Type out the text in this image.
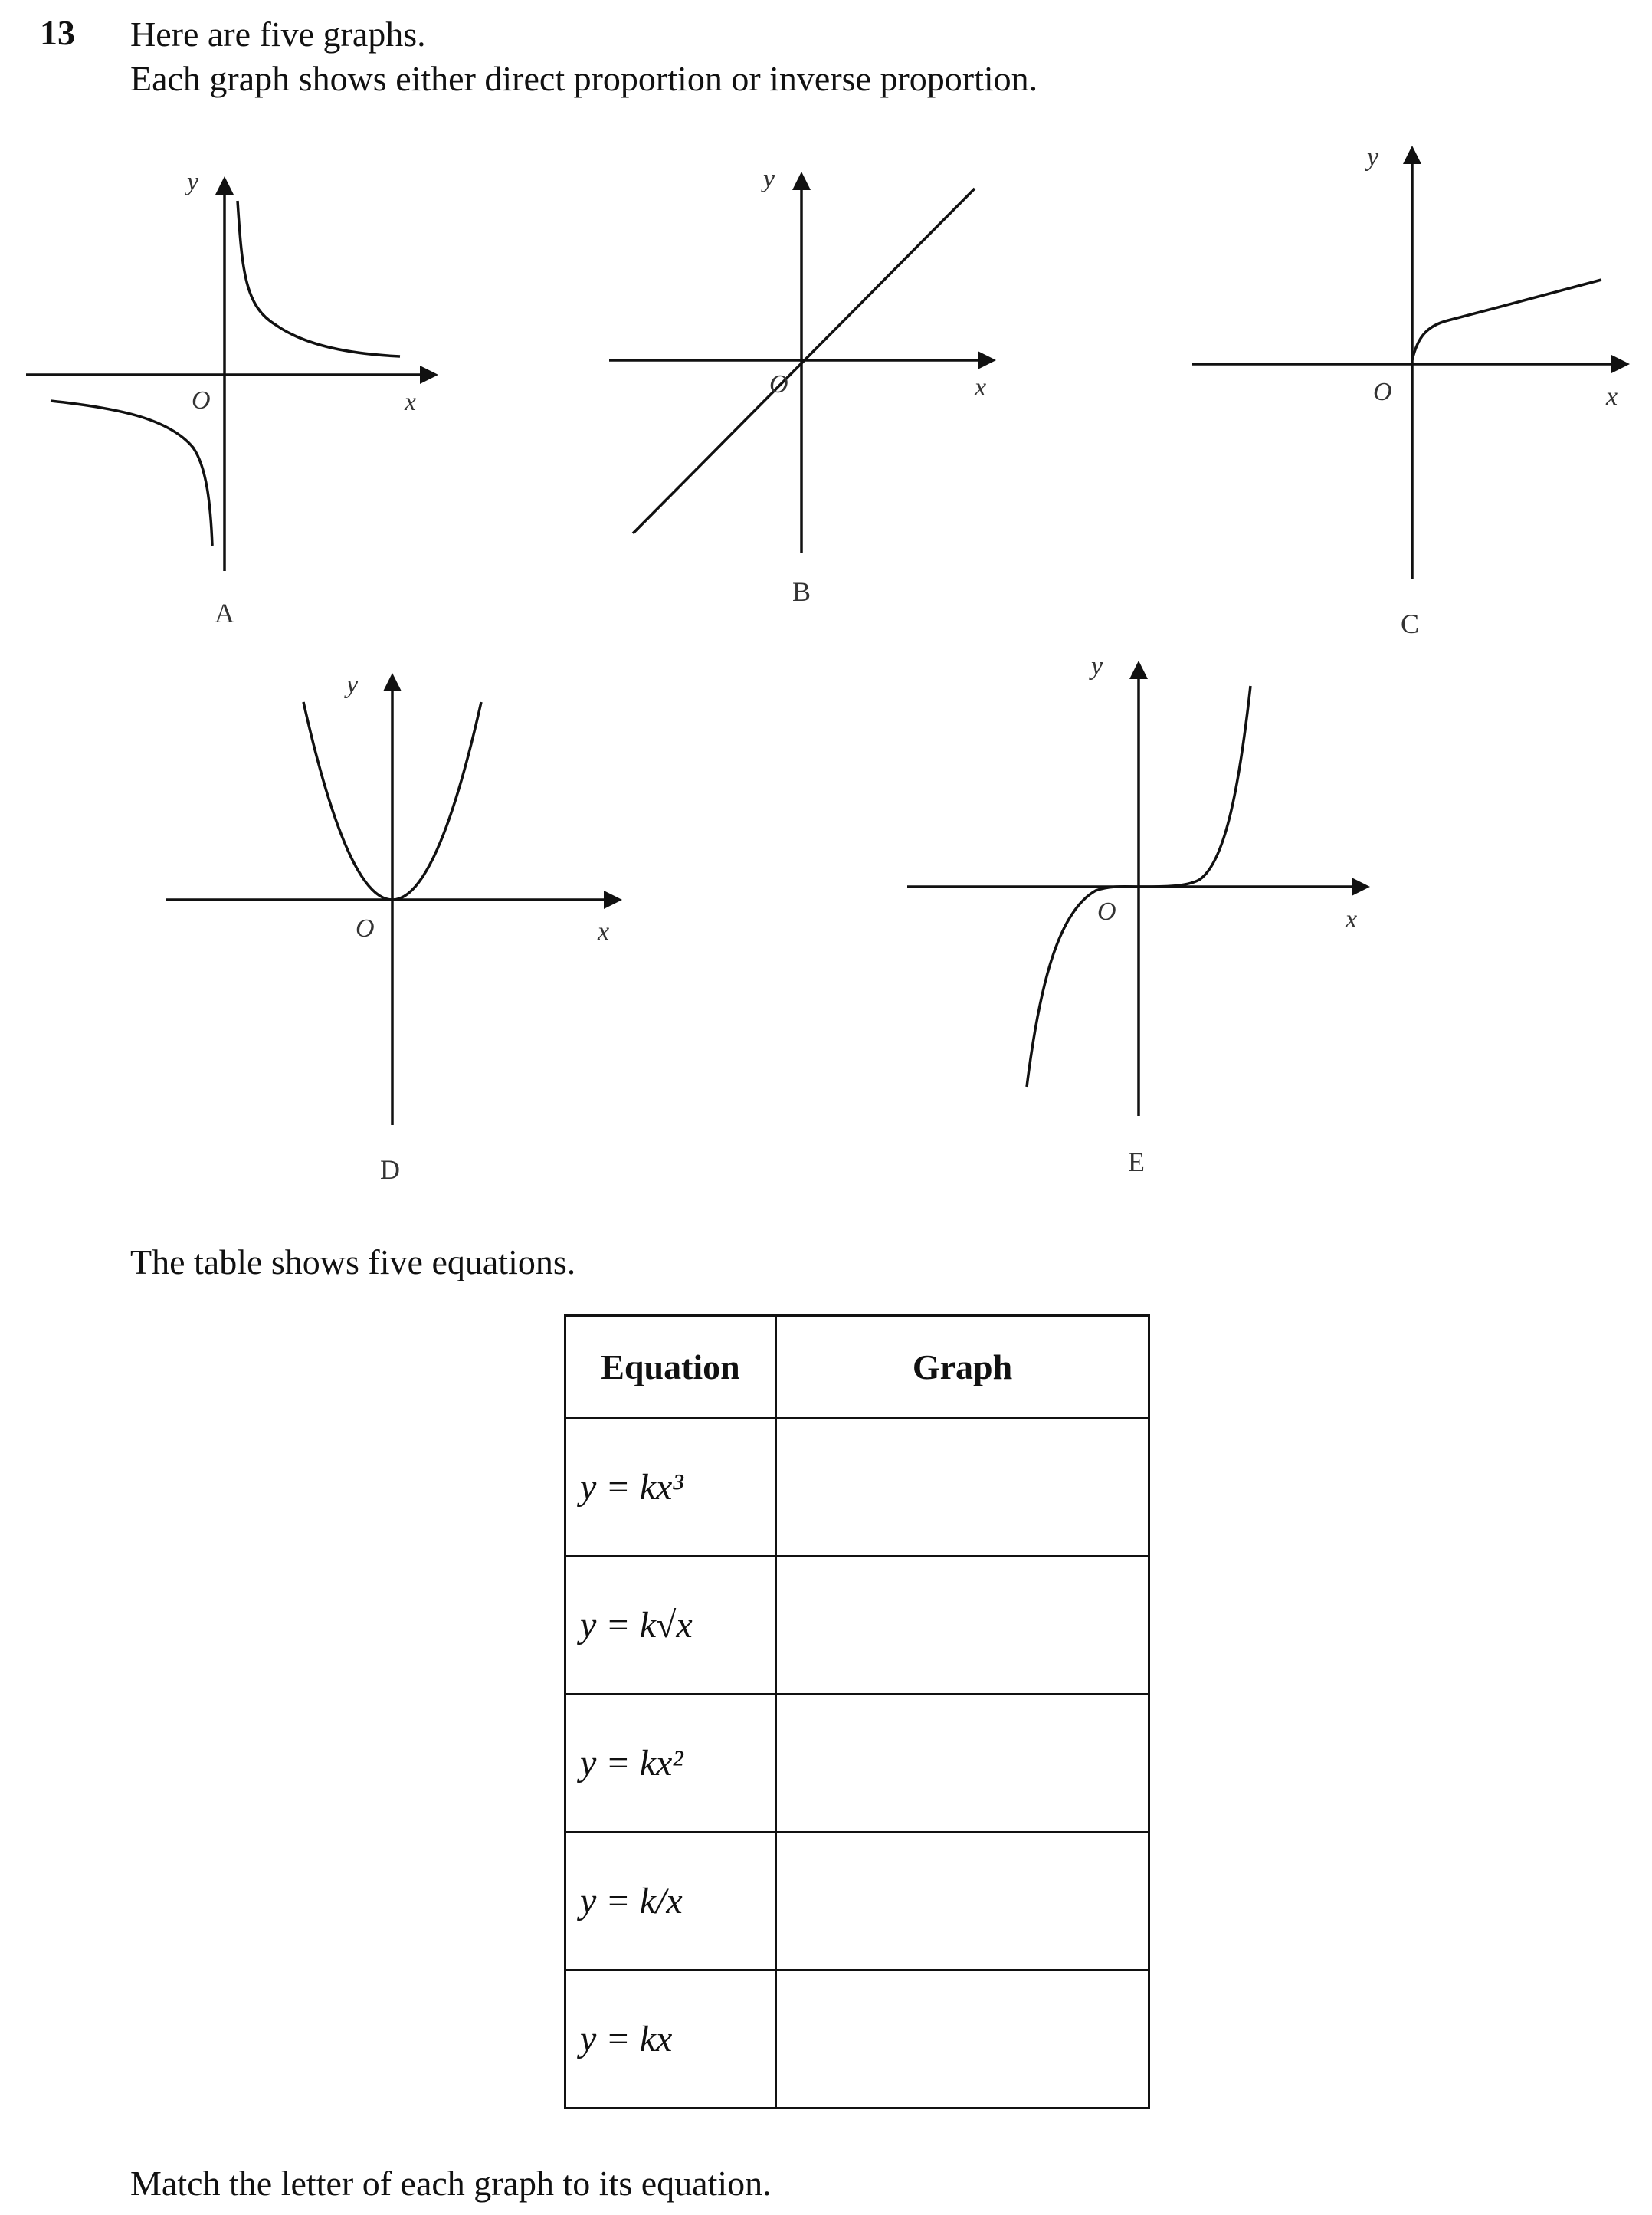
13 Here are five graphs.
Each graph shows either direct proportion or inverse proportion.
y
O	x
A
y
O	x
B
y
O	x
C
y
O	x
D
y
O	x
E
The table shows five equations.
Equation	Graph
y = kx³	
y = k√x	
y = kx²	
y = k/x	
y = kx	
Match the letter of each graph to its equation.
